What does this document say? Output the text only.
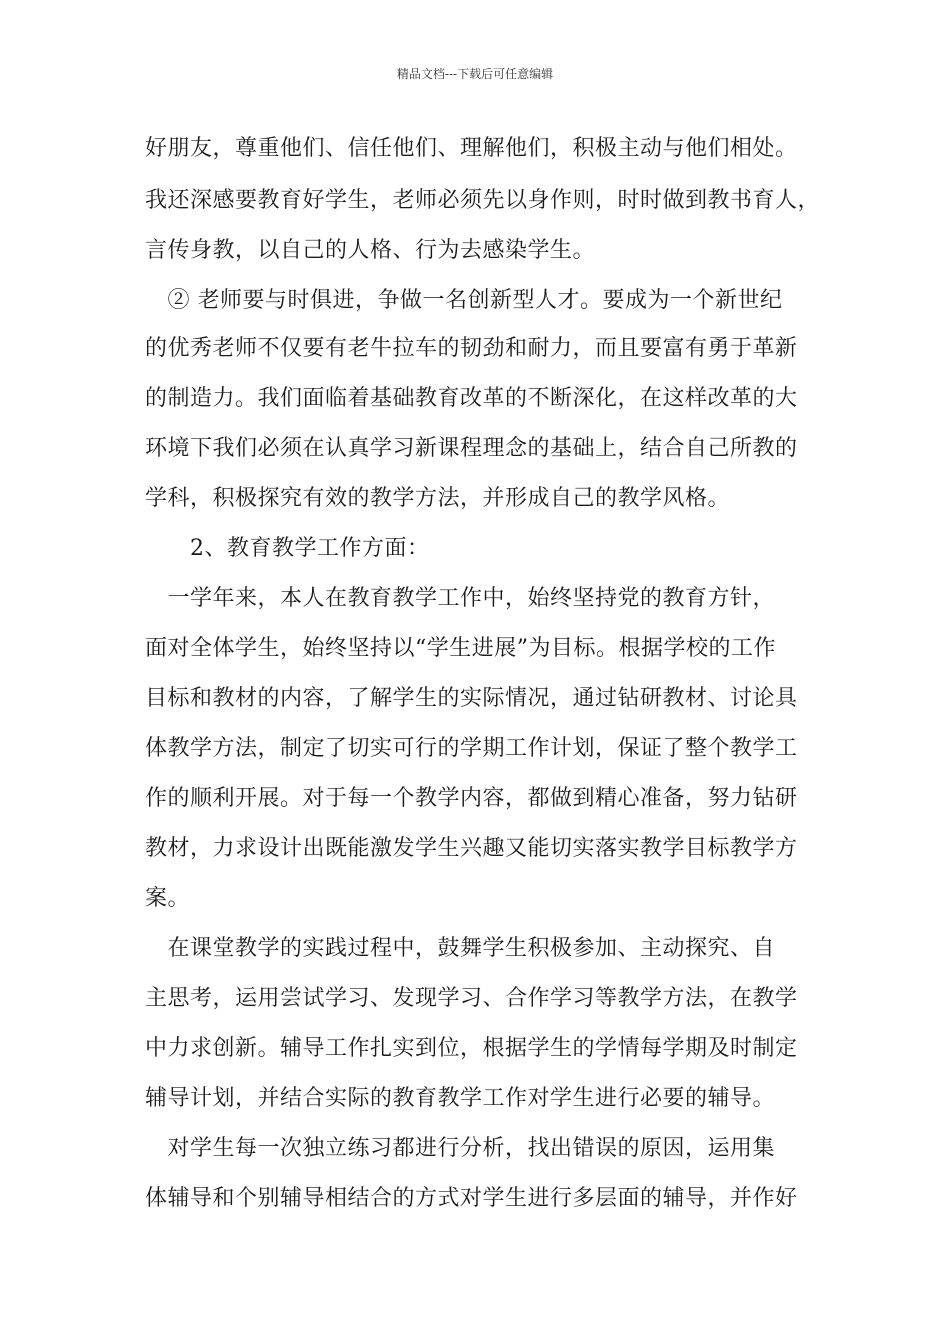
精品文档---下载后可任意编辑
好朋友，尊重他们、信任他们、理解他们，积极主动与他们相处。
我还深感要教育好学生，老师必须先以身作则，时时做到教书育人，
言传身教，以自己的人格、行为去感染学生。
　② 老师要与时俱进，争做一名创新型人才。要成为一个新世纪
的优秀老师不仅要有老牛拉车的韧劲和耐力，而且要富有勇于革新
的制造力。我们面临着基础教育改革的不断深化，在这样改革的大
环境下我们必须在认真学习新课程理念的基础上，结合自己所教的
学科，积极探究有效的教学方法，并形成自己的教学风格。
　　2、教育教学工作方面：
　一学年来，本人在教育教学工作中，始终坚持党的教育方针，
面对全体学生，始终坚持以“学生进展”为目标。根据学校的工作
目标和教材的内容，了解学生的实际情况，通过钻研教材、讨论具
体教学方法，制定了切实可行的学期工作计划，保证了整个教学工
作的顺利开展。对于每一个教学内容，都做到精心准备，努力钻研
教材，力求设计出既能激发学生兴趣又能切实落实教学目标教学方
案。
　在课堂教学的实践过程中，鼓舞学生积极参加、主动探究、自
主思考，运用尝试学习、发现学习、合作学习等教学方法，在教学
中力求创新。辅导工作扎实到位，根据学生的学情每学期及时制定
辅导计划，并结合实际的教育教学工作对学生进行必要的辅导。
　对学生每一次独立练习都进行分析，找出错误的原因，运用集
体辅导和个别辅导相结合的方式对学生进行多层面的辅导，并作好
